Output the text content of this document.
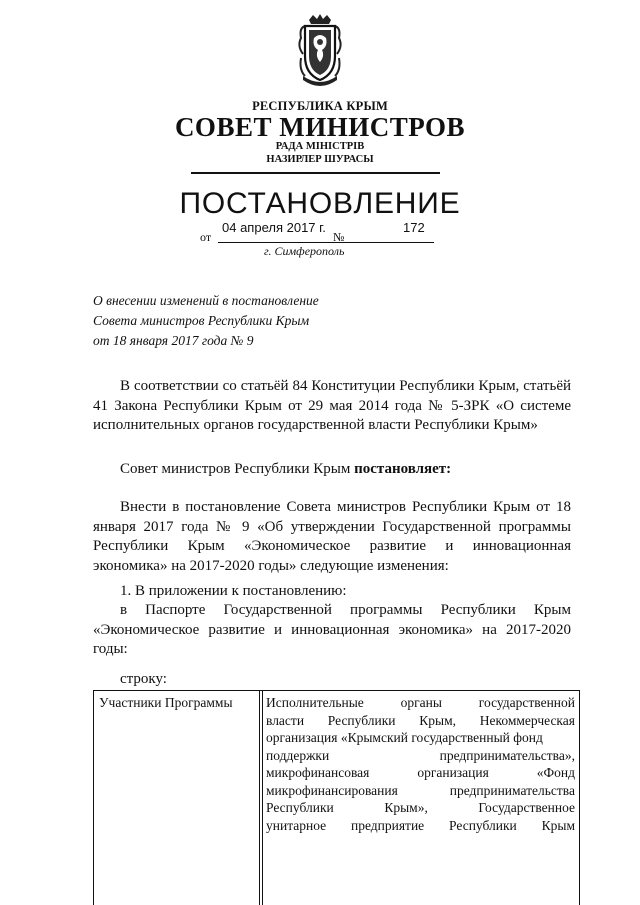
РЕСПУБЛИКА КРЫМ
СОВЕТ МИНИСТРОВ
РАДА МІНІСТРІВ
НАЗИРЛЕР ШУРАСЫ
ПОСТАНОВЛЕНИЕ
от
04 апреля 2017 г.
№
172
г. Симферополь
О внесении изменений в постановление
Совета министров Республики Крым
от 18 января 2017 года № 9
В соответствии со статьёй 84 Конституции Республики Крым, статьёй 41 Закона Республики Крым от 29 мая 2014 года № 5-ЗРК «О системе исполнительных органов государственной власти Республики Крым»
Совет министров Республики Крым постановляет:
Внести в постановление Совета министров Республики Крым от 18 января 2017 года № 9 «Об утверждении Государственной программы Республики Крым «Экономическое развитие и инновационная экономика» на 2017-2020 годы» следующие изменения:
1. В приложении к постановлению:
в Паспорте Государственной программы Республики Крым «Экономическое развитие и инновационная экономика» на 2017-2020 годы:
строку:
Участники Программы	Исполнительные органы государственной
власти Республики Крым, Некоммерческая
организация «Крымский государственный фонд
поддержки предпринимательства»,
микрофинансовая организация «Фонд
микрофинансирования предпринимательства
Республики Крым», Государственное
унитарное предприятие Республики Крым
